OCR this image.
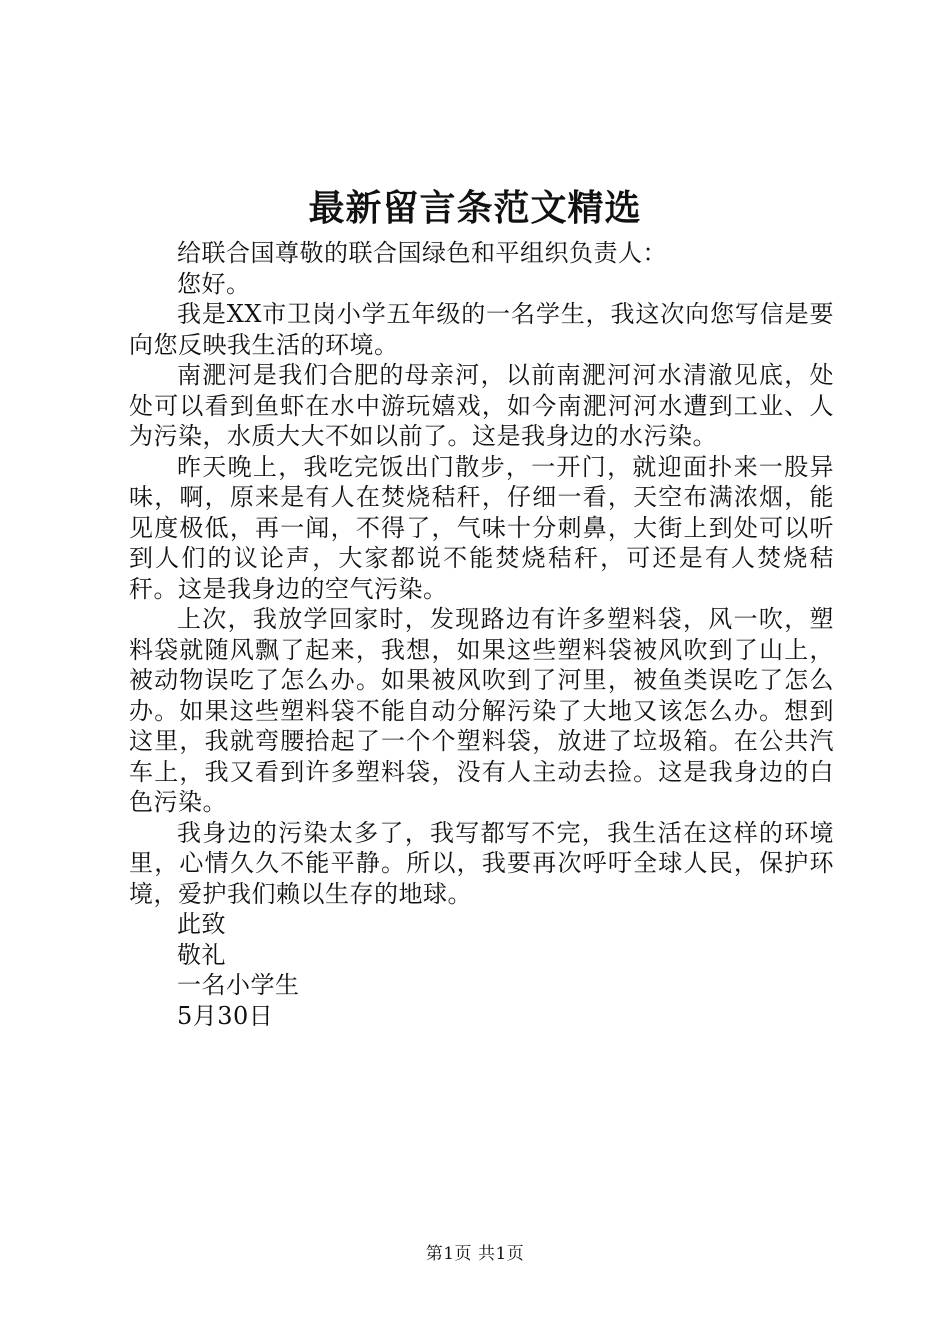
最新留言条范文精选

给联合国尊敬的联合国绿色和平组织负责人：

您好。

我是XX市卫岗小学五年级的一名学生，我这次向您写信是要向您反映我生活的环境。

南淝河是我们合肥的母亲河，以前南淝河河水清澈见底，处处可以看到鱼虾在水中游玩嬉戏，如今南淝河河水遭到工业、人为污染，水质大大不如以前了。这是我身边的水污染。

昨天晚上，我吃完饭出门散步，一开门，就迎面扑来一股异味，啊，原来是有人在焚烧秸秆，仔细一看，天空布满浓烟，能见度极低，再一闻，不得了，气味十分刺鼻，大街上到处可以听到人们的议论声，大家都说不能焚烧秸秆，可还是有人焚烧秸秆。这是我身边的空气污染。

上次，我放学回家时，发现路边有许多塑料袋，风一吹，塑料袋就随风飘了起来，我想，如果这些塑料袋被风吹到了山上，被动物误吃了怎么办。如果被风吹到了河里，被鱼类误吃了怎么办。如果这些塑料袋不能自动分解污染了大地又该怎么办。想到这里，我就弯腰拾起了一个个塑料袋，放进了垃圾箱。在公共汽车上，我又看到许多塑料袋，没有人主动去捡。这是我身边的白色污染。

我身边的污染太多了，我写都写不完，我生活在这样的环境里，心情久久不能平静。所以，我要再次呼吁全球人民，保护环境，爱护我们赖以生存的地球。

此致

敬礼

一名小学生

5月30日

第1页 共1页
